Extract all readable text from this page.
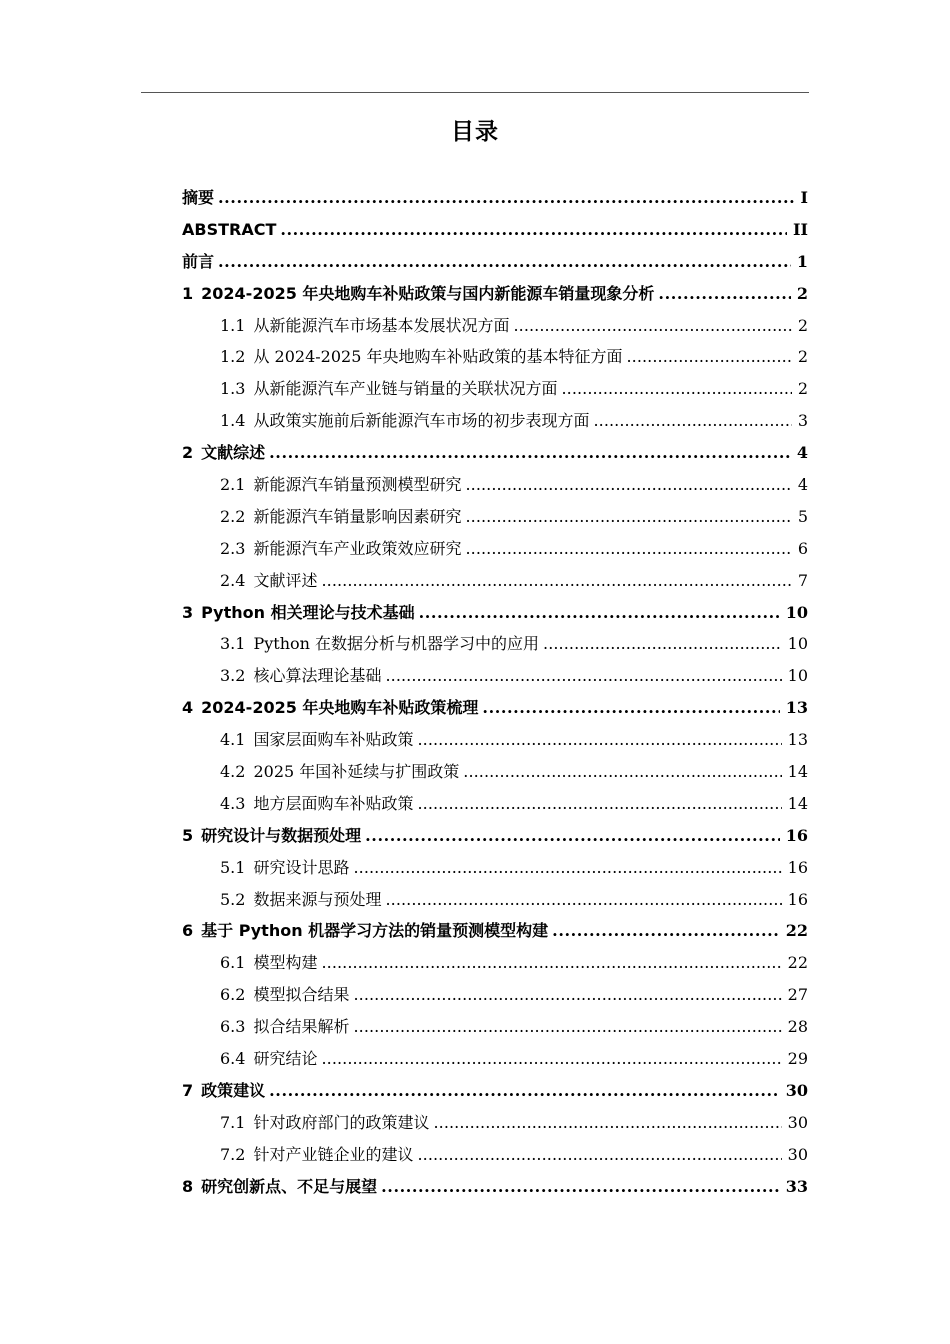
目录
摘要 . . .	I
ABSTRACT . . .	II
前言 . . .	1
1 2024-2025 年央地购车补贴政策与国内新能源车销量现象分析 . . .	2
1.1 从新能源汽车市场基本发展状况方面 . . .	2
1.2 从 2024-2025 年央地购车补贴政策的基本特征方面 . . .	2
1.3 从新能源汽车产业链与销量的关联状况方面 . . .	2
1.4 从政策实施前后新能源汽车市场的初步表现方面 . . .	3
2 文献综述 . . .	4
2.1 新能源汽车销量预测模型研究 . . .	4
2.2 新能源汽车销量影响因素研究 . . .	5
2.3 新能源汽车产业政策效应研究 . . .	6
2.4 文献评述 . . .	7
3 Python 相关理论与技术基础 . . .	10
3.1 Python 在数据分析与机器学习中的应用 . . .	10
3.2 核心算法理论基础 . . .	10
4 2024-2025 年央地购车补贴政策梳理 . . .	13
4.1 国家层面购车补贴政策 . . .	13
4.2 2025 年国补延续与扩围政策 . . .	14
4.3 地方层面购车补贴政策 . . .	14
5 研究设计与数据预处理 . . .	16
5.1 研究设计思路 . . .	16
5.2 数据来源与预处理 . . .	16
6 基于 Python 机器学习方法的销量预测模型构建 . . .	22
6.1 模型构建 . . .	22
6.2 模型拟合结果 . . .	27
6.3 拟合结果解析 . . .	28
6.4 研究结论 . . .	29
7 政策建议 . . .	30
7.1 针对政府部门的政策建议 . . .	30
7.2 针对产业链企业的建议 . . .	30
8 研究创新点、不足与展望 . . .	33
